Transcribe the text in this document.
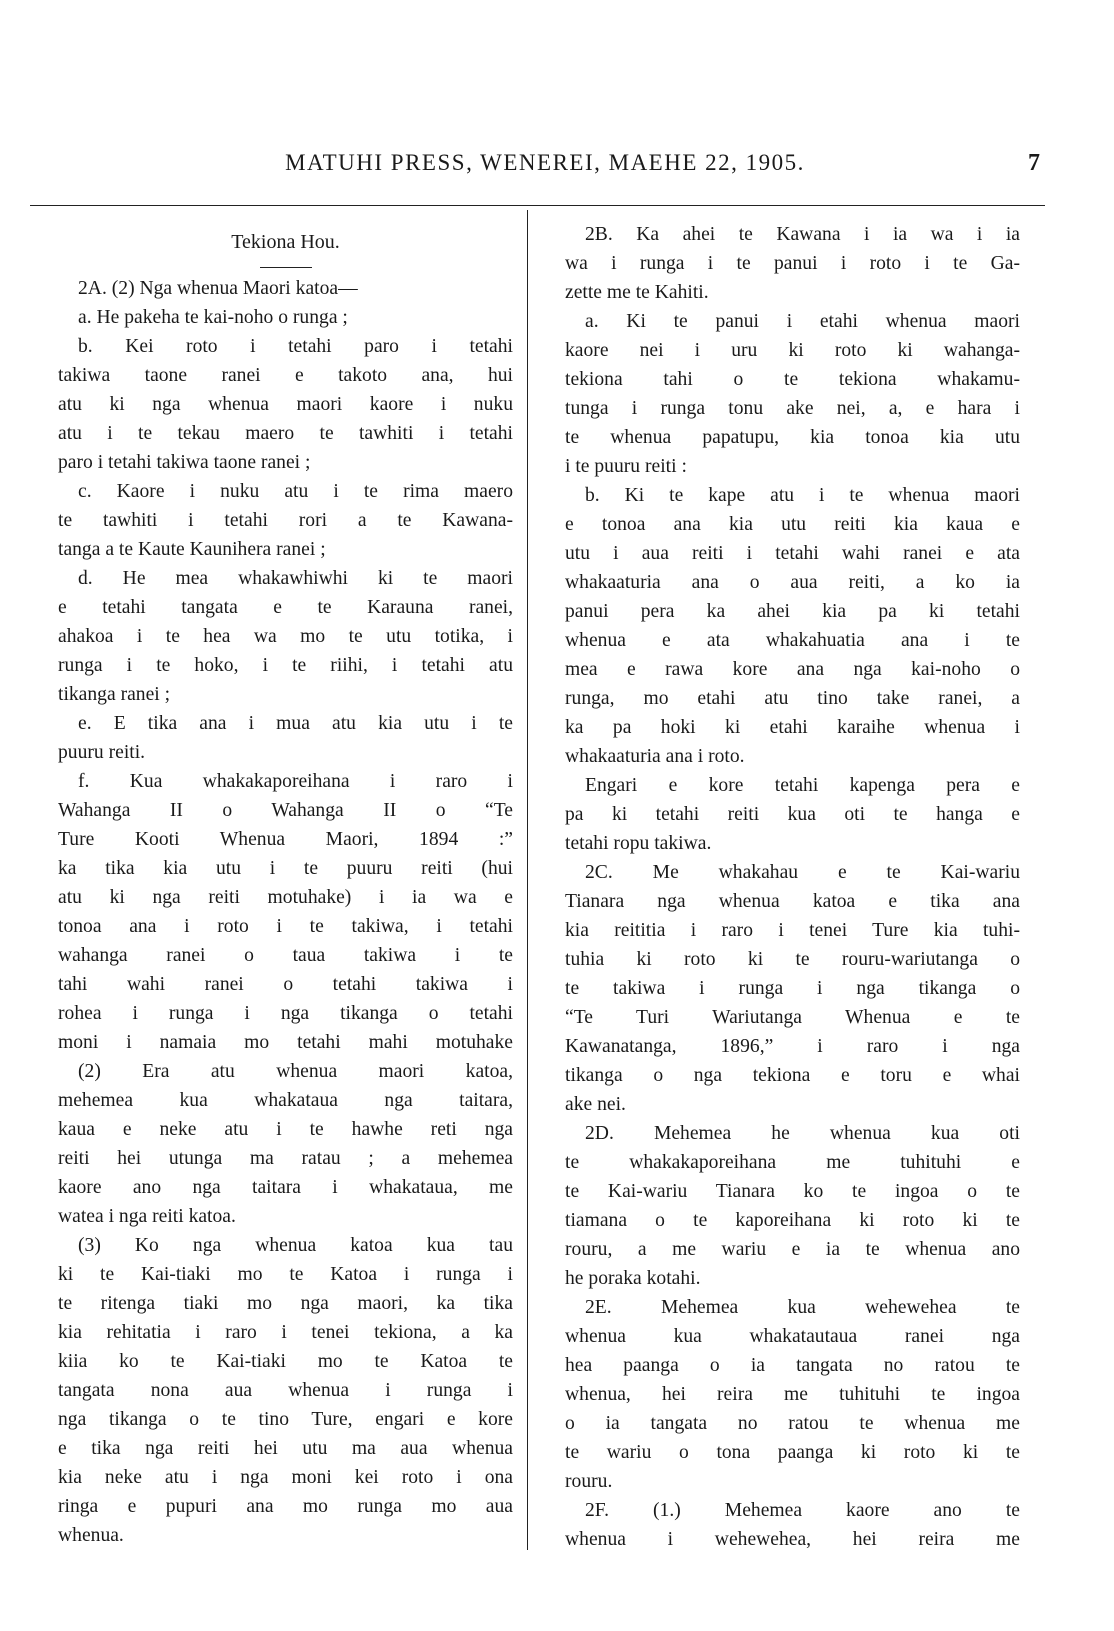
MATUHI PRESS, WENEREI, MAEHE 22, 1905.	7
Tekiona Hou.
2A. (2) Nga whenua Maori katoa—
a. He pakeha te kai-noho o runga ;
b. Kei roto i tetahi paro i tetahi
takiwa taone ranei e takoto ana, hui
atu ki nga whenua maori kaore i nuku
atu i te tekau maero te tawhiti i tetahi
paro i tetahi takiwa taone ranei ;
c. Kaore i nuku atu i te rima maero
te tawhiti i tetahi rori a te Kawana-
tanga a te Kaute Kaunihera ranei ;
d. He mea whakawhiwhi ki te maori
e tetahi tangata e te Karauna ranei,
ahakoa i te hea wa mo te utu totika, i
runga i te hoko, i te riihi, i tetahi atu
tikanga ranei ;
e. E tika ana i mua atu kia utu i te
puuru reiti.
f. Kua whakakaporeihana i raro i
Wahanga II o Wahanga II o “Te
Ture Kooti Whenua Maori, 1894 :”
ka tika kia utu i te puuru reiti (hui
atu ki nga reiti motuhake) i ia wa e
tonoa ana i roto i te takiwa, i tetahi
wahanga ranei o taua takiwa i te
tahi wahi ranei o tetahi takiwa i
rohea i runga i nga tikanga o tetahi
moni i namaia mo tetahi mahi motuhake
(2) Era atu whenua maori katoa,
mehemea kua whakataua nga taitara,
kaua e neke atu i te hawhe reti nga
reiti hei utunga ma ratau ; a mehemea
kaore ano nga taitara i whakataua, me
watea i nga reiti katoa.
(3) Ko nga whenua katoa kua tau
ki te Kai-tiaki mo te Katoa i runga i
te ritenga tiaki mo nga maori, ka tika
kia rehitatia i raro i tenei tekiona, a ka
kiia ko te Kai-tiaki mo te Katoa te
tangata nona aua whenua i runga i
nga tikanga o te tino Ture, engari e kore
e tika nga reiti hei utu ma aua whenua
kia neke atu i nga moni kei roto i ona
ringa e pupuri ana mo runga mo aua
whenua.
2B. Ka ahei te Kawana i ia wa i ia
wa i runga i te panui i roto i te Ga-
zette me te Kahiti.
a. Ki te panui i etahi whenua maori
kaore nei i uru ki roto ki wahanga-
tekiona tahi o te tekiona whakamu-
tunga i runga tonu ake nei, a, e hara i
te whenua papatupu, kia tonoa kia utu
i te puuru reiti :
b. Ki te kape atu i te whenua maori
e tonoa ana kia utu reiti kia kaua e
utu i aua reiti i tetahi wahi ranei e ata
whakaaturia ana o aua reiti, a ko ia
panui pera ka ahei kia pa ki tetahi
whenua e ata whakahuatia ana i te
mea e rawa kore ana nga kai-noho o
runga, mo etahi atu tino take ranei, a
ka pa hoki ki etahi karaihe whenua i
whakaaturia ana i roto.
Engari e kore tetahi kapenga pera e
pa ki tetahi reiti kua oti te hanga e
tetahi ropu takiwa.
2C. Me whakahau e te Kai-wariu
Tianara nga whenua katoa e tika ana
kia reititia i raro i tenei Ture kia tuhi-
tuhia ki roto ki te rouru-wariutanga o
te takiwa i runga i nga tikanga o
“Te Turi Wariutanga Whenua e te
Kawanatanga, 1896,” i raro i nga
tikanga o nga tekiona e toru e whai
ake nei.
2D. Mehemea he whenua kua oti
te whakakaporeihana me tuhituhi e
te Kai-wariu Tianara ko te ingoa o te
tiamana o te kaporeihana ki roto ki te
rouru, a me wariu e ia te whenua ano
he poraka kotahi.
2E. Mehemea kua wehewehea te
whenua kua whakatautaua ranei nga
hea paanga o ia tangata no ratou te
whenua, hei reira me tuhituhi te ingoa
o ia tangata no ratou te whenua me
te wariu o tona paanga ki roto ki te
rouru.
2F. (1.) Mehemea kaore ano te
whenua i wehewehea, hei reira me
